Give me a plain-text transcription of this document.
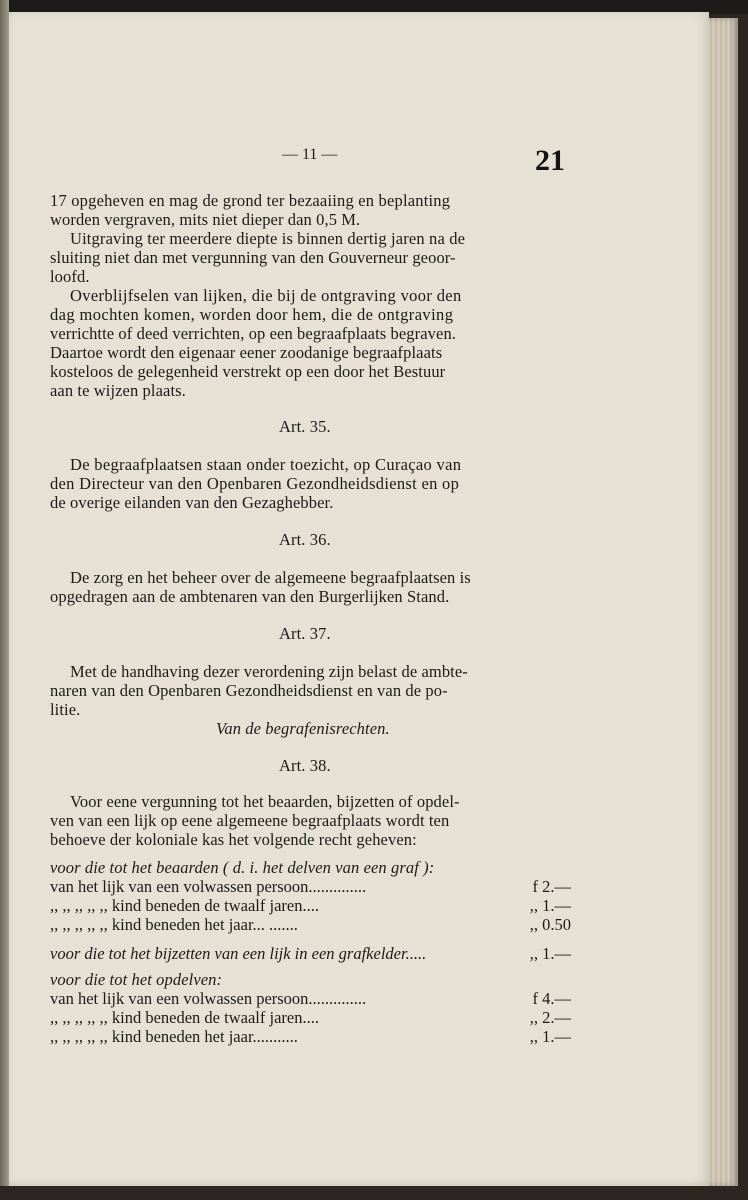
— 11 —	21
17 opgeheven en mag de grond ter bezaaiing en beplanting
worden vergraven, mits niet dieper dan 0,5 M.
Uitgraving ter meerdere diepte is binnen dertig jaren na de
sluiting niet dan met vergunning van den Gouverneur geoor-
loofd.
Overblijfselen van lijken, die bij de ontgraving voor den
dag mochten komen, worden door hem, die de ontgraving
verrichtte of deed verrichten, op een begraafplaats begraven.
Daartoe wordt den eigenaar eener zoodanige begraafplaats
kosteloos de gelegenheid verstrekt op een door het Bestuur
aan te wijzen plaats.
Art. 35.
De begraafplaatsen staan onder toezicht, op Curaçao van
den Directeur van den Openbaren Gezondheidsdienst en op
de overige eilanden van den Gezaghebber.
Art. 36.
De zorg en het beheer over de algemeene begraafplaatsen is
opgedragen aan de ambtenaren van den Burgerlijken Stand.
Art. 37.
Met de handhaving dezer verordening zijn belast de ambte-
naren van den Openbaren Gezondheidsdienst en van de po-
litie.
Van de begrafenisrechten.
Art. 38.
Voor eene vergunning tot het beaarden, bijzetten of opdel-
ven van een lijk op eene algemeene begraafplaats wordt ten
behoeve der koloniale kas het volgende recht geheven:
voor die tot het beaarden ( d. i. het delven van een graf ):
van het lijk van een volwassen persoon..............	f 2.—
,, ,, ,, ,, ,, kind beneden de twaalf jaren....	,, 1.—
,, ,, ,, ,, ,, kind beneden het jaar... .......	,, 0.50
voor die tot het bijzetten van een lijk in een grafkelder.....	,, 1.—
voor die tot het opdelven:
van het lijk van een volwassen persoon..............	f 4.—
,, ,, ,, ,, ,, kind beneden de twaalf jaren....	,, 2.—
,, ,, ,, ,, ,, kind beneden het jaar...........	,, 1.—
